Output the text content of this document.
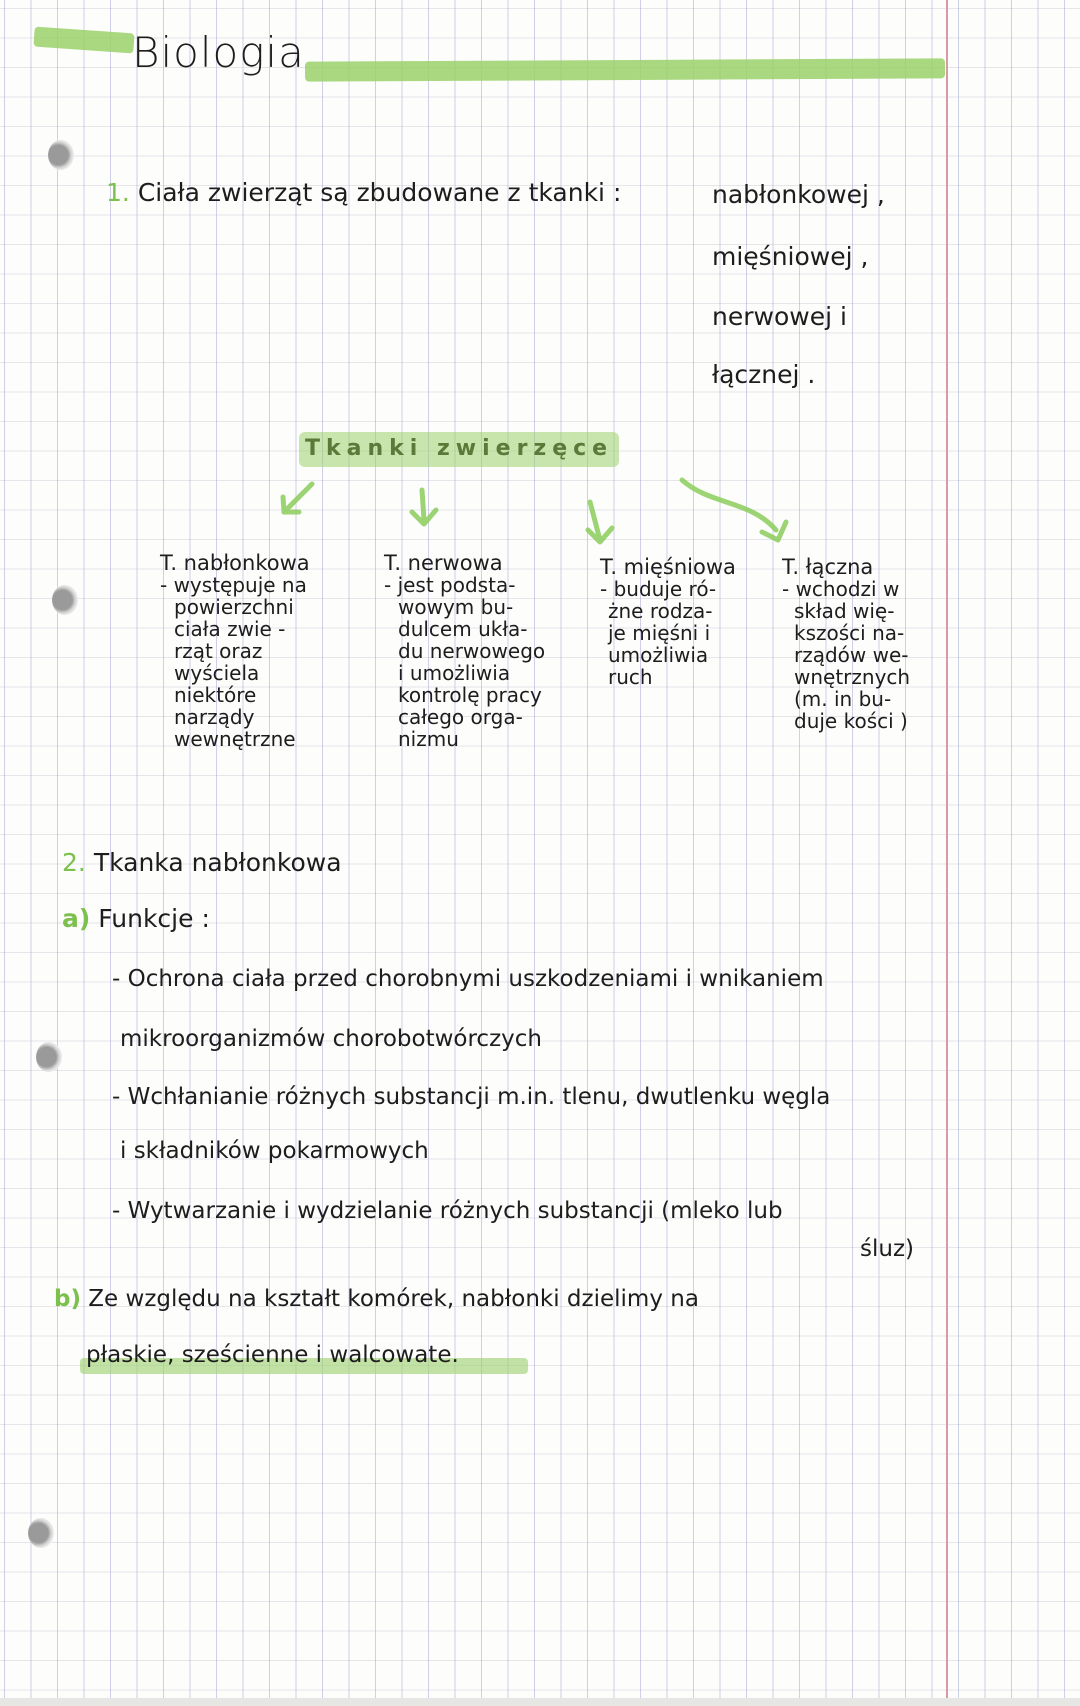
Biologia
1. Ciała zwierząt są zbudowane z tkanki :	nabłonkowej ,
mięśniowej ,
nerwowej i
łącznej .
Tkanki zwierzęce
T. nabłonkowa
- występuje na
powierzchni
ciała zwie -
rząt oraz
wyściela
niektóre
narządy
wewnętrzne
T. nerwowa
- jest podsta-
wowym bu-
dulcem ukła-
du nerwowego
i umożliwia
kontrolę pracy
całego orga-
nizmu
T. mięśniowa
- buduje ró-
żne rodza-
je mięśni i
umożliwia
ruch
T. łączna
- wchodzi w
skład wię-
kszości na-
rządów we-
wnętrznych
(m. in bu-
duje kości )
2. Tkanka nabłonkowa
a) Funkcje :
- Ochrona ciała przed chorobnymi uszkodzeniami i wnikaniem
mikroorganizmów chorobotwórczych
- Wchłanianie różnych substancji m.in. tlenu, dwutlenku węgla
i składników pokarmowych
- Wytwarzanie i wydzielanie różnych substancji (mleko lub
śluz)
b) Ze względu na kształt komórek, nabłonki dzielimy na
płaskie, sześcienne i walcowate.
